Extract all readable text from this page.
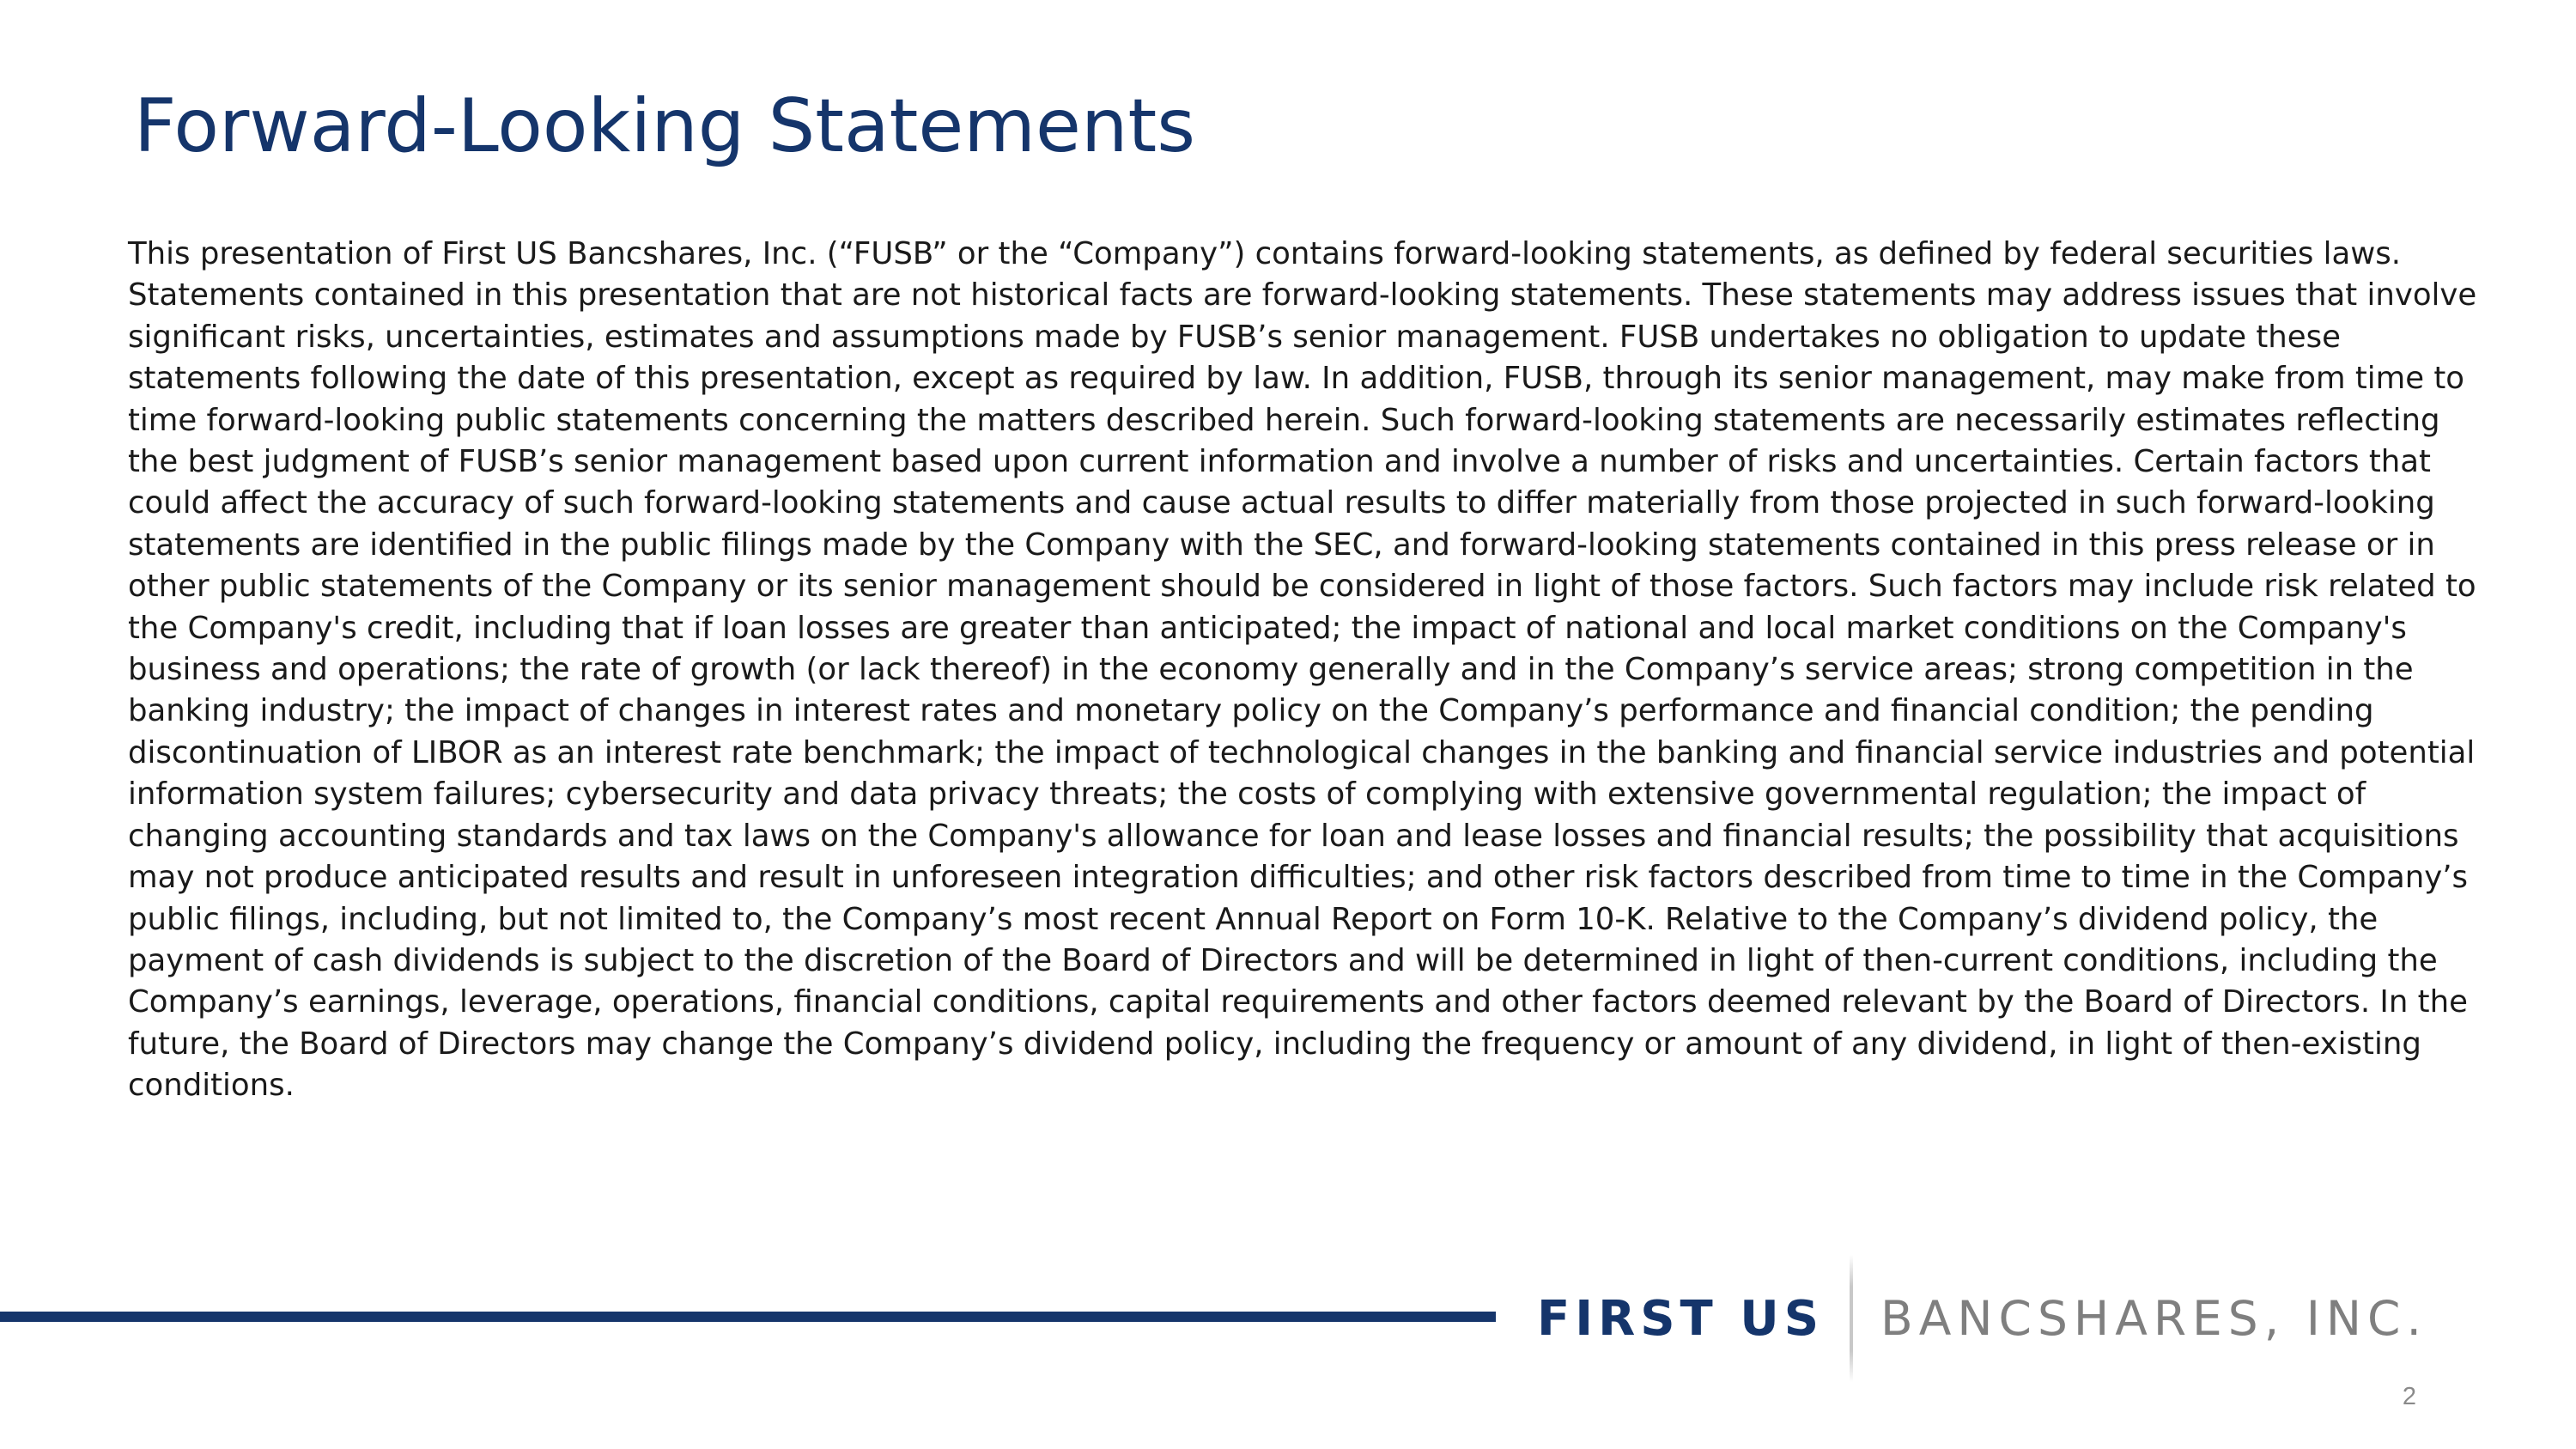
Forward-Looking Statements

This presentation of First US Bancshares, Inc. (“FUSB” or the “Company”) contains forward-looking statements, as defined by federal securities laws. Statements contained in this presentation that are not historical facts are forward-looking statements. These statements may address issues that involve significant risks, uncertainties, estimates and assumptions made by FUSB’s senior management. FUSB undertakes no obligation to update these statements following the date of this presentation, except as required by law. In addition, FUSB, through its senior management, may make from time to time forward-looking public statements concerning the matters described herein. Such forward-looking statements are necessarily estimates reflecting the best judgment of FUSB’s senior management based upon current information and involve a number of risks and uncertainties. Certain factors that could affect the accuracy of such forward-looking statements and cause actual results to differ materially from those projected in such forward-looking statements are identified in the public filings made by the Company with the SEC, and forward-looking statements contained in this press release or in other public statements of the Company or its senior management should be considered in light of those factors. Such factors may include risk related to the Company's credit, including that if loan losses are greater than anticipated; the impact of national and local market conditions on the Company's business and operations; the rate of growth (or lack thereof) in the economy generally and in the Company’s service areas; strong competition in the banking industry; the impact of changes in interest rates and monetary policy on the Company’s performance and financial condition; the pending discontinuation of LIBOR as an interest rate benchmark; the impact of technological changes in the banking and financial service industries and potential information system failures; cybersecurity and data privacy threats; the costs of complying with extensive governmental regulation; the impact of changing accounting standards and tax laws on the Company's allowance for loan and lease losses and financial results; the possibility that acquisitions may not produce anticipated results and result in unforeseen integration difficulties; and other risk factors described from time to time in the Company’s public filings, including, but not limited to, the Company’s most recent Annual Report on Form 10-K. Relative to the Company’s dividend policy, the payment of cash dividends is subject to the discretion of the Board of Directors and will be determined in light of then-current conditions, including the Company’s earnings, leverage, operations, financial conditions, capital requirements and other factors deemed relevant by the Board of Directors. In the future, the Board of Directors may change the Company’s dividend policy, including the frequency or amount of any dividend, in light of then-existing conditions.

FIRST US BANCSHARES, INC.
2
